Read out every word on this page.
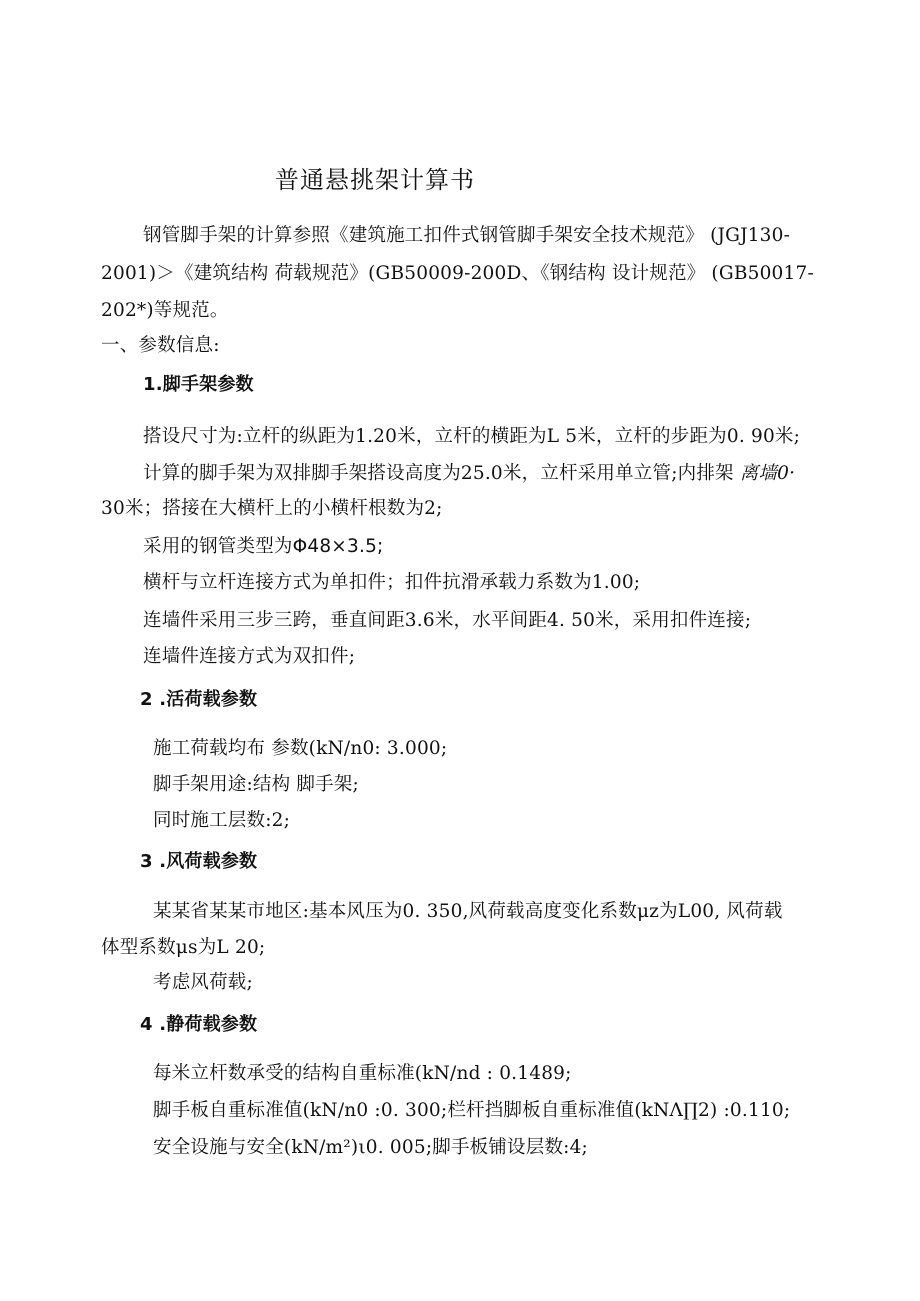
普通悬挑架计算书
钢管脚手架的计算参照《建筑施工扣件式钢管脚手架安全技术规范》 (JGJ130-
2001)＞《建筑结构 荷载规范》(GB50009-200D、《钢结构 设计规范》 (GB50017-
202*)等规范。
一、参数信息:
1.脚手架参数
搭设尺寸为:立杆的纵距为1.20米，立杆的横距为L 5米，立杆的步距为0. 90米;
计算的脚手架为双排脚手架搭设高度为25.0米，立杆采用单立管;内排架 离墙0·
30米；搭接在大横杆上的小横杆根数为2;
采用的钢管类型为Φ48×3.5;
横杆与立杆连接方式为单扣件；扣件抗滑承载力系数为1.00;
连墙件采用三步三跨，垂直间距3.6米，水平间距4. 50米，采用扣件连接;
连墙件连接方式为双扣件;
2 .活荷载参数
施工荷载均布 参数(kN/n0: 3.000;
脚手架用途:结构 脚手架;
同时施工层数:2;
3 .风荷载参数
某某省某某市地区:基本风压为0. 350,风荷载高度变化系数μz为L00, 风荷载
体型系数μs为L 20;
考虑风荷载;
4 .静荷载参数
每米立杆数承受的结构自重标准(kN/nd : 0.1489;
脚手板自重标准值(kN/n0 :0. 300;栏杆挡脚板自重标准值(kNΛ∏2) :0.110;
安全设施与安全(kN/m²)ι0. 005;脚手板铺设层数:4;
